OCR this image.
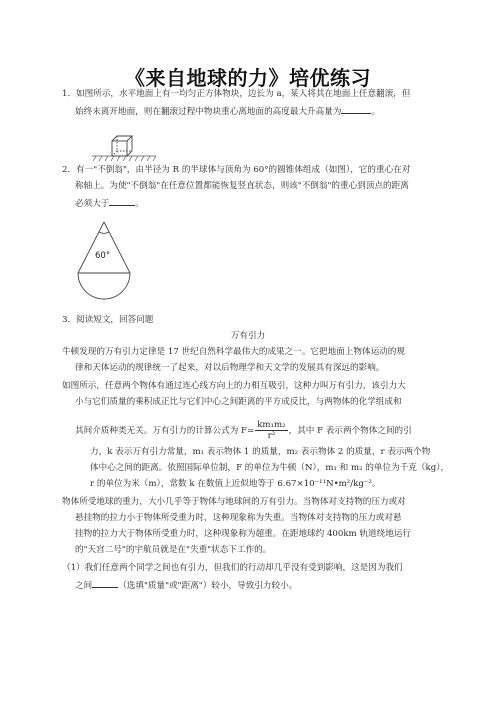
《来自地球的力》培优练习
1．如图所示，水平地面上有一均匀正方体物块，边长为 a，某人将其在地面上任意翻滚，但
始终未离开地面，则在翻滚过程中物块重心离地面的高度最大升高量为	。
2．有一"不倒翁"，由半径为 R 的半球体与顶角为 60°的圆锥体组成（如图），它的重心在对
称轴上。为使"不倒翁"在任意位置都能恢复竖直状态，则该"不倒翁"的重心到顶点的距离
必须大于	。
60°
3．阅读短文，回答问题
万有引力
牛顿发现的万有引力定律是 17 世纪自然科学最伟大的成果之一。它把地面上物体运动的规
律和天体运动的规律统一了起来，对以后物理学和天文学的发展具有深远的影响。
如图所示，任意两个物体有通过连心线方向上的力相互吸引，这种力叫万有引力，该引力大
小与它们质量的乘积成正比与它们中心之间距离的平方成反比，与两物体的化学组成和
其间介质种类无关。万有引力的计算公式为 $F= \frac{\text{km₁m₂}}{\text{r²}}$ ，其中 F 表示两个物体之间的引
力，k 表示万有引力常量，m₁ 表示物体 1 的质量，m₂ 表示物体 2 的质量，r 表示两个物
体中心之间的距离。依照国际单位制，F 的单位为牛顿（N），m₁ 和 m₂ 的单位为千克（kg），
r 的单位为米（m），常数 k 在数值上近似地等于 6.67×10⁻¹¹N•m²/kg⁻²。
物体所受地球的重力，大小几乎等于物体与地球间的万有引力。当物体对支持物的压力或对
悬挂物的拉力小于物体所受重力时，这种现象称为失重。当物体对支持物的压力或对悬
挂物的拉力大于物体所受重力时，这种现象称为超重。在距地球约 400km 轨道绕地运行
的"天宫二号"的宇航员就是在"失重"状态下工作的。
（1）我们任意两个同学之间也有引力，但我们的行动却几乎没有受到影响，这是因为我们
之间	（选填"质量"或"距离"）较小，导致引力较小。
